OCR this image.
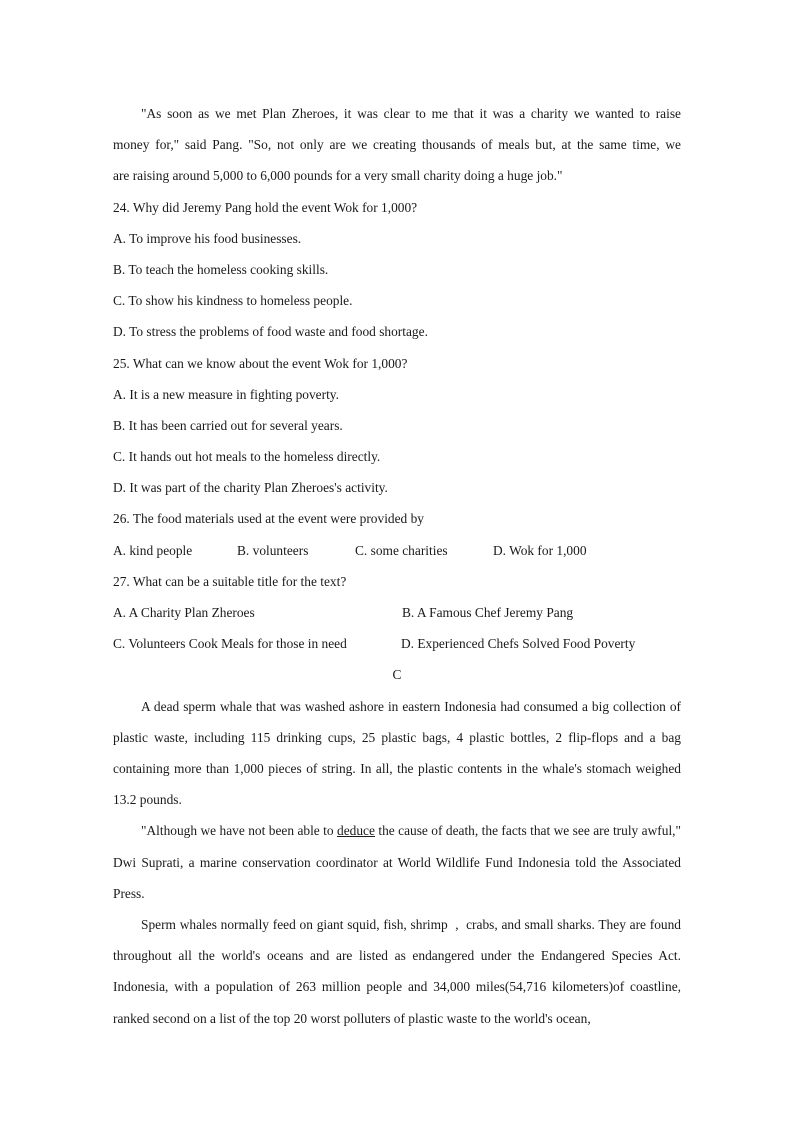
"As soon as we met Plan Zheroes, it was clear to me that it was a charity we wanted to raise
money for," said Pang. "So, not only are we creating thousands of meals but, at the same time, we
are raising around 5,000 to 6,000 pounds for a very small charity doing a huge job."
24. Why did Jeremy Pang hold the event Wok for 1,000?
A. To improve his food businesses.
B. To teach the homeless cooking skills.
C. To show his kindness to homeless people.
D. To stress the problems of food waste and food shortage.
25. What can we know about the event Wok for 1,000?
A. It is a new measure in fighting poverty.
B. It has been carried out for several years.
C. It hands out hot meals to the homeless directly.
D. It was part of the charity Plan Zheroes's activity.
26. The food materials used at the event were provided by
A. kind people	B. volunteers	C. some charities	D. Wok for 1,000
27. What can be a suitable title for the text?
A. A Charity Plan Zheroes	B. A Famous Chef Jeremy Pang
C. Volunteers Cook Meals for those in need	D. Experienced Chefs Solved Food Poverty
C

A dead sperm whale that was washed ashore in eastern Indonesia had consumed a big collection of plastic waste, including 115 drinking cups, 25 plastic bags, 4 plastic bottles, 2 flip-flops and a bag containing more than 1,000 pieces of string. In all, the plastic contents in the whale's stomach weighed 13.2 pounds.

"Although we have not been able to deduce the cause of death, the facts that we see are truly awful," Dwi Suprati, a marine conservation coordinator at World Wildlife Fund Indonesia told the Associated Press.

Sperm whales normally feed on giant squid, fish, shrimp  ,  crabs, and small sharks. They are found throughout all the world's oceans and are listed as endangered under the Endangered Species Act. Indonesia, with a population of 263 million people and 34,000 miles(54,716 kilometers)of coastline, ranked second on a list of the top 20 worst polluters of plastic waste to the world's ocean,
